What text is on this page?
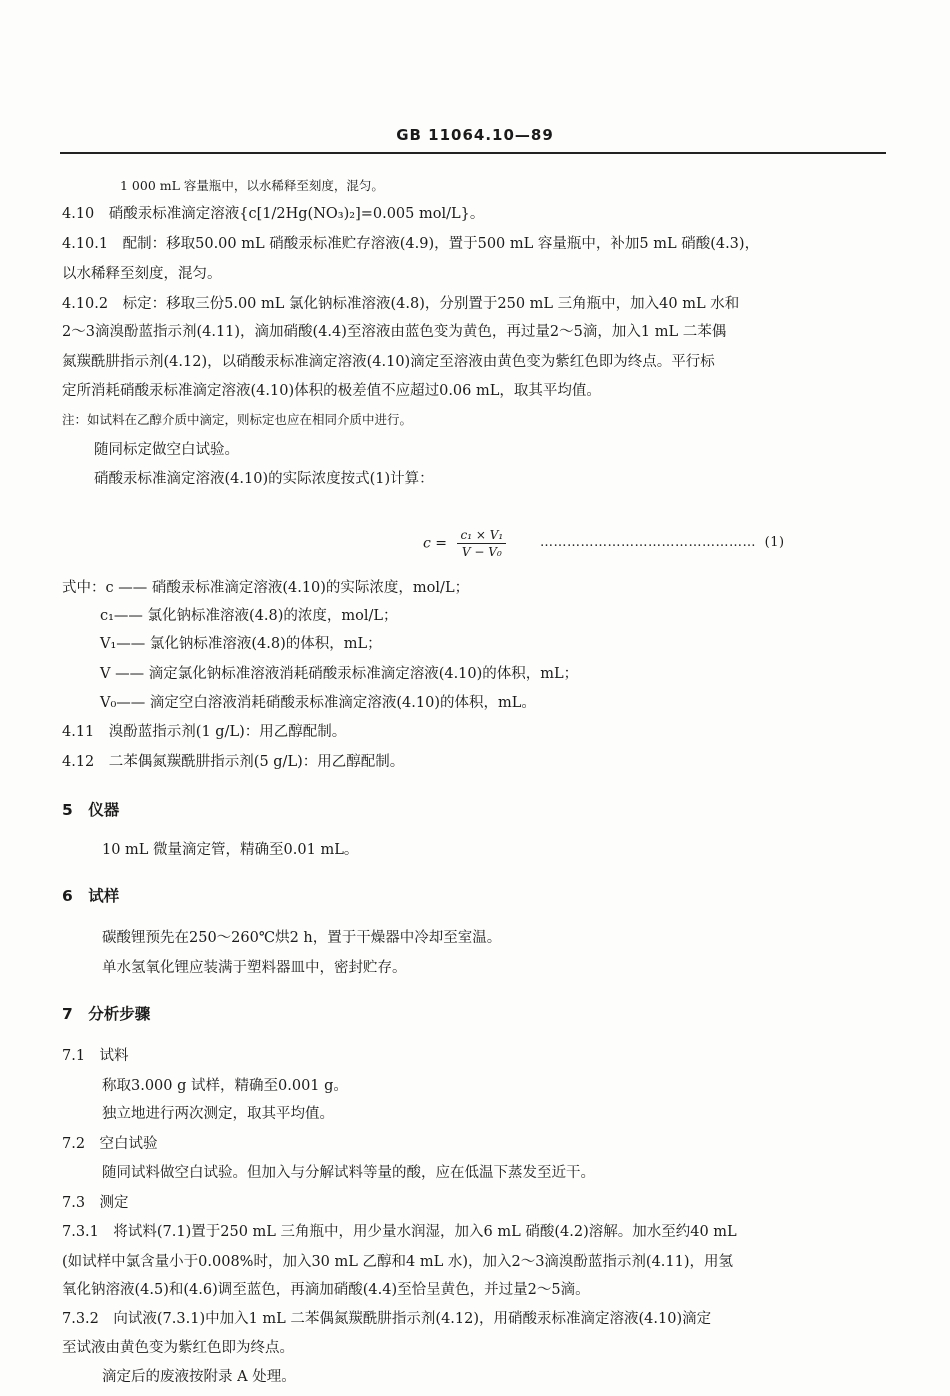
GB 11064.10—89
1 000 mL 容量瓶中，以水稀释至刻度，混匀。
4.10　硝酸汞标准滴定溶液{c[1/2Hg(NO₃)₂]=0.005 mol/L}。
4.10.1　配制：移取50.00 mL 硝酸汞标准贮存溶液(4.9)，置于500 mL 容量瓶中，补加5 mL 硝酸(4.3)，
以水稀释至刻度，混匀。
4.10.2　标定：移取三份5.00 mL 氯化钠标准溶液(4.8)，分别置于250 mL 三角瓶中，加入40 mL 水和
2～3滴溴酚蓝指示剂(4.11)，滴加硝酸(4.4)至溶液由蓝色变为黄色，再过量2～5滴，加入1 mL 二苯偶
氮羰酰肼指示剂(4.12)，以硝酸汞标准滴定溶液(4.10)滴定至溶液由黄色变为紫红色即为终点。平行标
定所消耗硝酸汞标准滴定溶液(4.10)体积的极差值不应超过0.06 mL，取其平均值。
注：如试料在乙醇介质中滴定，则标定也应在相同介质中进行。
随同标定做空白试验。
硝酸汞标准滴定溶液(4.10)的实际浓度按式(1)计算：
$c = \frac{\text{c₁ × V₁}}{\text{V − V₀}}$	………………………………………… (1)
式中：c —— 硝酸汞标准滴定溶液(4.10)的实际浓度，mol/L；
c₁—— 氯化钠标准溶液(4.8)的浓度，mol/L；
V₁—— 氯化钠标准溶液(4.8)的体积，mL；
V —— 滴定氯化钠标准溶液消耗硝酸汞标准滴定溶液(4.10)的体积，mL；
V₀—— 滴定空白溶液消耗硝酸汞标准滴定溶液(4.10)的体积，mL。
4.11　溴酚蓝指示剂(1 g/L)：用乙醇配制。
4.12　二苯偶氮羰酰肼指示剂(5 g/L)：用乙醇配制。
5　仪器
10 mL 微量滴定管，精确至0.01 mL。
6　试样
碳酸锂预先在250～260℃烘2 h，置于干燥器中冷却至室温。
单水氢氧化锂应装满于塑料器皿中，密封贮存。
7　分析步骤
7.1　试料
称取3.000 g 试样，精确至0.001 g。
独立地进行两次测定，取其平均值。
7.2　空白试验
随同试料做空白试验。但加入与分解试料等量的酸，应在低温下蒸发至近干。
7.3　测定
7.3.1　将试料(7.1)置于250 mL 三角瓶中，用少量水润湿，加入6 mL 硝酸(4.2)溶解。加水至约40 mL
(如试样中氯含量小于0.008%时，加入30 mL 乙醇和4 mL 水)，加入2～3滴溴酚蓝指示剂(4.11)，用氢
氧化钠溶液(4.5)和(4.6)调至蓝色，再滴加硝酸(4.4)至恰呈黄色，并过量2～5滴。
7.3.2　向试液(7.3.1)中加入1 mL 二苯偶氮羰酰肼指示剂(4.12)，用硝酸汞标准滴定溶液(4.10)滴定
至试液由黄色变为紫红色即为终点。
滴定后的废液按附录 A 处理。
